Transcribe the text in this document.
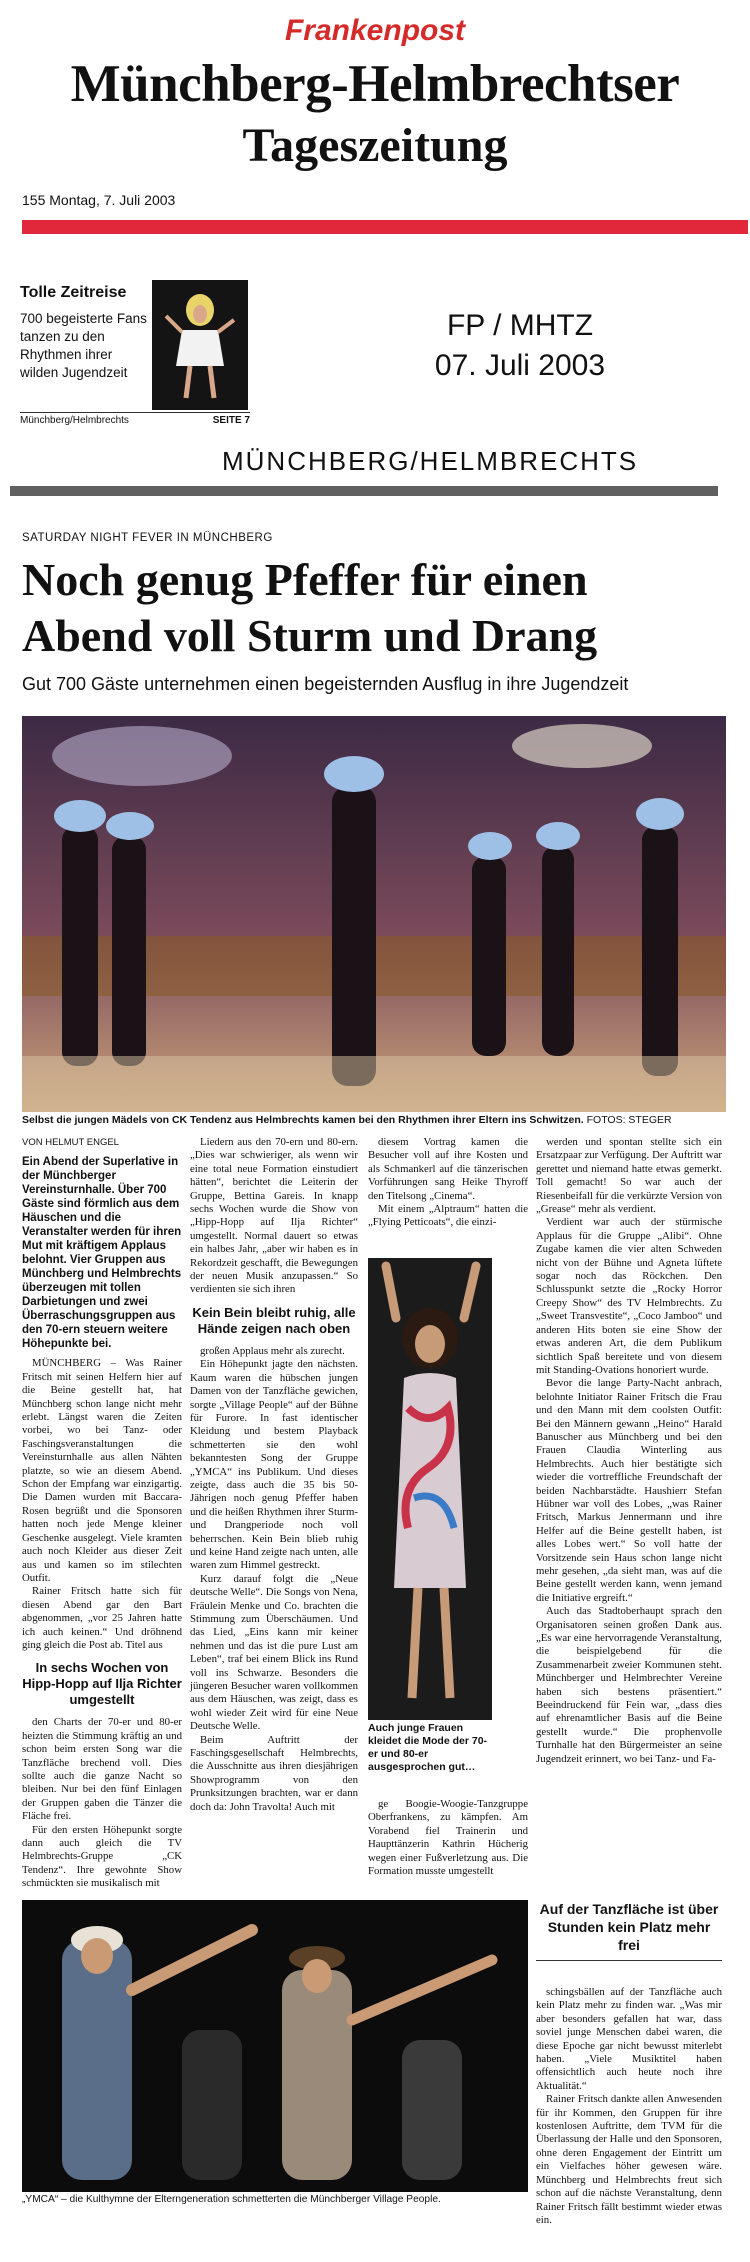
Frankenpost
Münchberg-Helmbrechtser
Tageszeitung
155 Montag, 7. Juli 2003
Tolle Zeitreise
700 begeisterte Fans tanzen zu den Rhythmen ihrer wilden Jugendzeit
Münchberg/Helmbrechts	SEITE 7
FP / MHTZ
07. Juli 2003
MÜNCHBERG/HELMBRECHTS
SATURDAY NIGHT FEVER IN MÜNCHBERG
Noch genug Pfeffer für einen Abend voll Sturm und Drang
Gut 700 Gäste unternehmen einen begeisternden Ausflug in ihre Jugendzeit
Selbst die jungen Mädels von CK Tendenz aus Helmbrechts kamen bei den Rhythmen ihrer Eltern ins Schwitzen. FOTOS: STEGER
VON HELMUT ENGEL
Ein Abend der Superlative in der Münchberger Vereinsturnhalle. Über 700 Gäste sind förmlich aus dem Häuschen und die Veranstalter werden für ihren Mut mit kräftigem Applaus belohnt. Vier Gruppen aus Münchberg und Helmbrechts überzeugen mit tollen Darbietungen und zwei Überraschungsgruppen aus den 70-ern steuern weitere Höhepunkte bei.

MÜNCHBERG – Was Rainer Fritsch mit seinen Helfern hier auf die Beine gestellt hat, hat Münchberg schon lange nicht mehr erlebt. Längst waren die Zeiten vorbei, wo bei Tanz- oder Faschingsveranstaltungen die Vereinsturnhalle aus allen Nähten platzte, so wie an diesem Abend. Schon der Empfang war einzigartig. Die Damen wurden mit Baccara-Rosen begrüßt und die Sponsoren hatten noch jede Menge kleiner Geschenke ausgelegt. Viele kramten auch noch Kleider aus dieser Zeit aus und kamen so im stilechten Outfit.

Rainer Fritsch hatte sich für diesen Abend gar den Bart abgenommen, „vor 25 Jahren hatte ich auch keinen.“ Und dröhnend ging gleich die Post ab. Titel aus

In sechs Wochen von Hipp-Hopp auf Ilja Richter umgestellt

den Charts der 70-er und 80-er heizten die Stimmung kräftig an und schon beim ersten Song war die Tanzfläche brechend voll. Dies sollte auch die ganze Nacht so bleiben. Nur bei den fünf Einlagen der Gruppen gaben die Tänzer die Fläche frei.

Für den ersten Höhepunkt sorgte dann auch gleich die TV Helmbrechts-Gruppe „CK Tendenz“. Ihre gewohnte Show schmückten sie musikalisch mit

Liedern aus den 70-ern und 80-ern. „Dies war schwieriger, als wenn wir eine total neue Formation einstudiert hätten“, berichtet die Leiterin der Gruppe, Bettina Gareis. In knapp sechs Wochen wurde die Show von „Hipp-Hopp auf Ilja Richter“ umgestellt. Normal dauert so etwas ein halbes Jahr, „aber wir haben es in Rekordzeit geschafft, die Bewegungen der neuen Musik anzupassen.“ So verdienten sie sich ihren

Kein Bein bleibt ruhig, alle Hände zeigen nach oben

großen Applaus mehr als zurecht.

Ein Höhepunkt jagte den nächsten. Kaum waren die hübschen jungen Damen von der Tanzfläche gewichen, sorgte „Village People“ auf der Bühne für Furore. In fast identischer Kleidung und bestem Playback schmetterten sie den wohl bekanntesten Song der Gruppe „YMCA“ ins Publikum. Und dieses zeigte, dass auch die 35 bis 50-Jährigen noch genug Pfeffer haben und die heißen Rhythmen ihrer Sturm- und Drangperiode noch voll beherrschen. Kein Bein blieb ruhig und keine Hand zeigte nach unten, alle waren zum Himmel gestreckt.

Kurz darauf folgt die „Neue deutsche Welle“. Die Songs von Nena, Fräulein Menke und Co. brachten die Stimmung zum Überschäumen. Und das Lied, „Eins kann mir keiner nehmen und das ist die pure Lust am Leben“, traf bei einem Blick ins Rund voll ins Schwarze. Besonders die jüngeren Besucher waren vollkommen aus dem Häuschen, was zeigt, dass es wohl wieder Zeit wird für eine Neue Deutsche Welle.

Beim Auftritt der Faschingsgesellschaft Helmbrechts, die Ausschnitte aus ihren diesjährigen Showprogramm von den Prunksitzungen brachten, war er dann doch da: John Travolta! Auch mit

diesem Vortrag kamen die Besucher voll auf ihre Kosten und als Schmankerl auf die tänzerischen Vorführungen sang Heike Thyroff den Titelsong „Cinema“.

Mit einem „Alptraum“ hatten die „Flying Petticoats“, die einzi-

Auch junge Frauen kleidet die Mode der 70-er und 80-er ausgesprochen gut…

ge Boogie-Woogie-Tanzgruppe Oberfrankens, zu kämpfen. Am Vorabend fiel Trainerin und Haupttänzerin Kathrin Hücherig wegen einer Fußverletzung aus. Die Formation musste umgestellt

werden und spontan stellte sich ein Ersatzpaar zur Verfügung. Der Auftritt war gerettet und niemand hatte etwas gemerkt. Toll gemacht! So war auch der Riesenbeifall für die verkürzte Version von „Grease“ mehr als verdient.

Verdient war auch der stürmische Applaus für die Gruppe „Alibi“. Ohne Zugabe kamen die vier alten Schweden nicht von der Bühne und Agneta lüftete sogar noch das Röckchen. Den Schlusspunkt setzte die „Rocky Horror Creepy Show“ des TV Helmbrechts. Zu „Sweet Transvestite“, „Coco Jamboo“ und anderen Hits boten sie eine Show der etwas anderen Art, die dem Publikum sichtlich Spaß bereitete und von diesem mit Standing-Ovations honoriert wurde.

Bevor die lange Party-Nacht anbrach, belohnte Initiator Rainer Fritsch die Frau und den Mann mit dem coolsten Outfit: Bei den Männern gewann „Heino“ Harald Banuscher aus Münchberg und bei den Frauen Claudia Winterling aus Helmbrechts. Auch hier bestätigte sich wieder die vortreffliche Freundschaft der beiden Nachbarstädte. Haushierr Stefan Hübner war voll des Lobes, „was Rainer Fritsch, Markus Jennermann und ihre Helfer auf die Beine gestellt haben, ist alles Lobes wert.“ So voll hatte der Vorsitzende sein Haus schon lange nicht mehr gesehen, „da sieht man, was auf die Beine gestellt werden kann, wenn jemand die Initiative ergreift.“

Auch das Stadtoberhaupt sprach den Organisatoren seinen großen Dank aus. „Es war eine hervorragende Veranstaltung, die beispielgebend für die Zusammenarbeit zweier Kommunen steht. Münchberger und Helmbrechter Vereine haben sich bestens präsentiert.“ Beeindruckend für Fein war, „dass dies auf ehrenamtlicher Basis auf die Beine gestellt wurde.“ Die prophenvolle Turnhalle hat den Bürgermeister an seine Jugendzeit erinnert, wo bei Tanz- und Fa-

„YMCA“ – die Kulthymne der Elterngeneration schmetterten die Münchberger Village People.
Auf der Tanzfläche ist über Stunden kein Platz mehr frei

schingsbällen auf der Tanzfläche auch kein Platz mehr zu finden war. „Was mir aber besonders gefallen hat war, dass soviel junge Menschen dabei waren, die diese Epoche gar nicht bewusst miterlebt haben. „Viele Musiktitel haben offensichtlich auch heute noch ihre Aktualität.“

Rainer Fritsch dankte allen Anwesenden für ihr Kommen, den Gruppen für ihre kostenlosen Auftritte, dem TVM für die Überlassung der Halle und den Sponsoren, ohne deren Engagement der Eintritt um ein Vielfaches höher gewesen wäre. Münchberg und Helmbrechts freut sich schon auf die nächste Veranstaltung, denn Rainer Fritsch fällt bestimmt wieder etwas ein.
